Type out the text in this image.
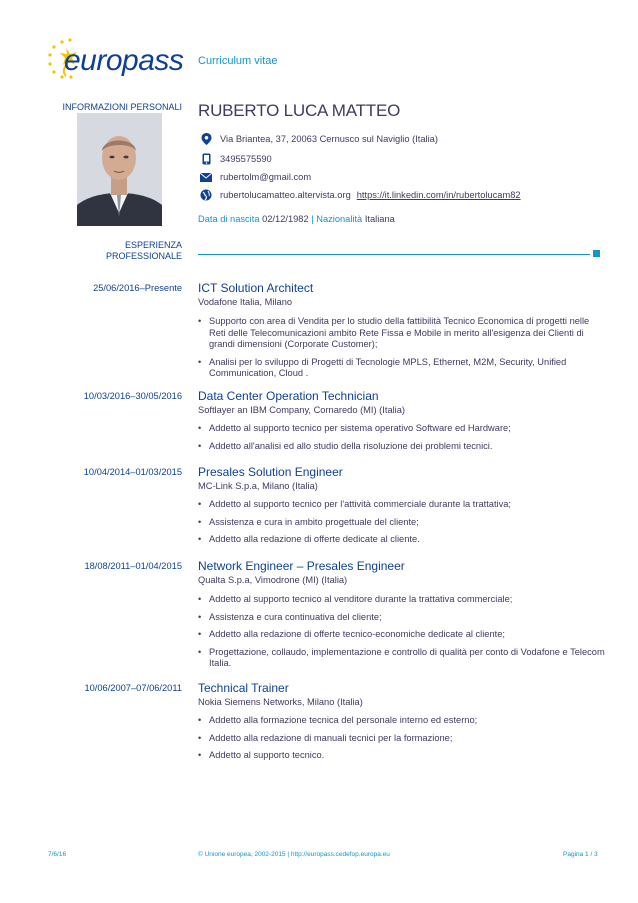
europass Curriculum vitae
INFORMAZIONI PERSONALI RUBERTO LUCA MATTEO
Via Briantea, 37, 20063 Cernusco sul Naviglio (Italia)
3495575590
rubertolm@gmail.com
rubertolucamatteo.altervista.org https://it.linkedin.com/in/rubertolucam82
Data di nascita 02/12/1982 | Nazionalità Italiana
ESPERIENZA
PROFESSIONALE
25/06/2016–Presente ICT Solution Architect
Vodafone Italia, Milano
• Supporto con area di Vendita per lo studio della fattibilità Tecnico Economica di progetti nelle Reti delle Telecomunicazioni ambito Rete Fissa e Mobile in merito all'esigenza dei Clienti di grandi dimensioni (Corporate Customer);
• Analisi per lo sviluppo di Progetti di Tecnologie MPLS, Ethernet, M2M, Security, Unified Communication, Cloud .
10/03/2016–30/05/2016 Data Center Operation Technician
Softlayer an IBM Company, Cornaredo (MI) (Italia)
• Addetto al supporto tecnico per sistema operativo Software ed Hardware;
• Addetto all'analisi ed allo studio della risoluzione dei problemi tecnici.
10/04/2014–01/03/2015 Presales Solution Engineer
MC-Link S.p.a, Milano (Italia)
• Addetto al supporto tecnico per l'attività commerciale durante la trattativa;
• Assistenza e cura in ambito progettuale del cliente;
• Addetto alla redazione di offerte dedicate al cliente.
18/08/2011–01/04/2015 Network Engineer – Presales Engineer
Qualta S.p.a, Vimodrone (MI) (Italia)
• Addetto al supporto tecnico al venditore durante la trattativa commerciale;
• Assistenza e cura continuativa del cliente;
• Addetto alla redazione di offerte tecnico-economiche dedicate al cliente;
• Progettazione, collaudo, implementazione e controllo di qualità per conto di Vodafone e Telecom Italia.
10/06/2007–07/06/2011 Technical Trainer
Nokia Siemens Networks, Milano (Italia)
• Addetto alla formazione tecnica del personale interno ed esterno;
• Addetto alla redazione di manuali tecnici per la formazione;
• Addetto al supporto tecnico.
7/6/16	© Unione europea, 2002-2015 | http://europass.cedefop.europa.eu	Pagina 1 / 3
